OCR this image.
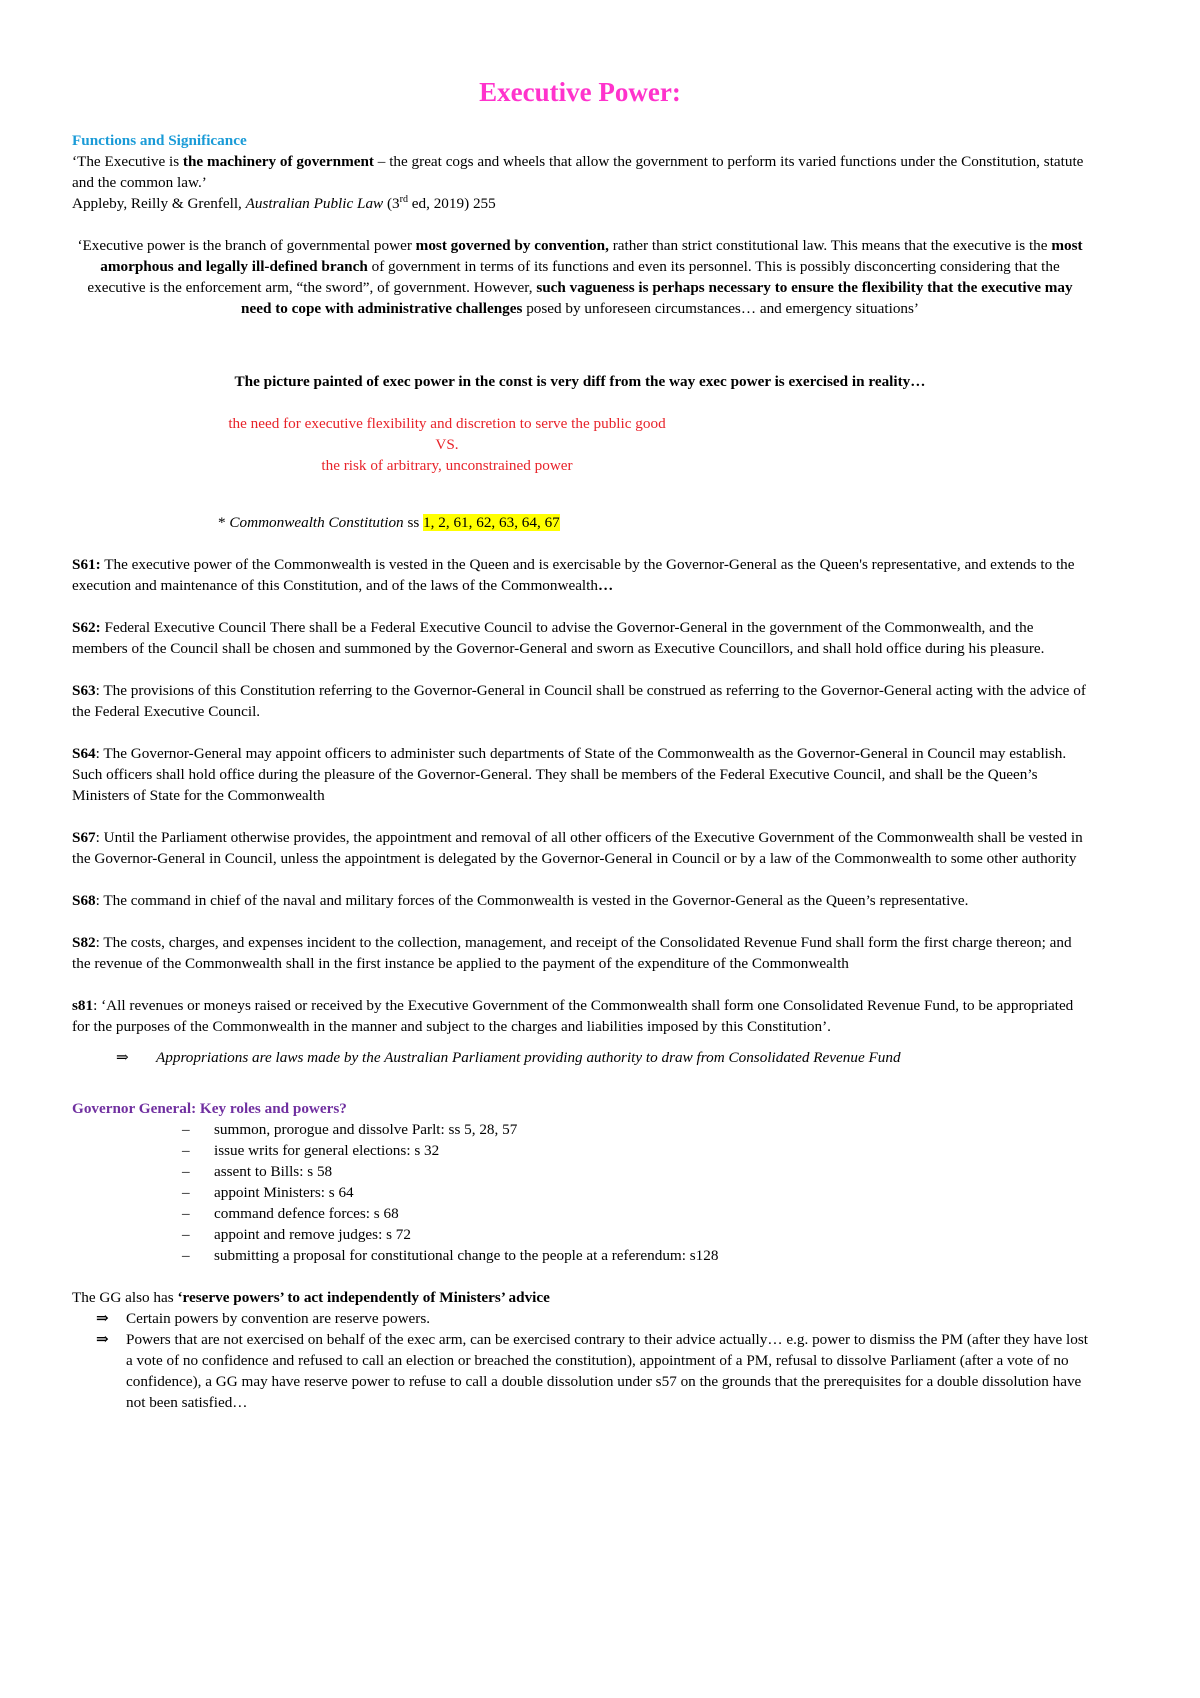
Executive Power:

Functions and Significance

‘The Executive is the machinery of government – the great cogs and wheels that allow the government to perform its varied functions under the Constitution, statute and the common law.’

Appleby, Reilly & Grenfell, Australian Public Law (3rd ed, 2019) 255

‘Executive power is the branch of governmental power most governed by convention, rather than strict constitutional law. This means that the executive is the most amorphous and legally ill-defined branch of government in terms of its functions and even its personnel. This is possibly disconcerting considering that the executive is the enforcement arm, “the sword”, of government. However, such vagueness is perhaps necessary to ensure the flexibility that the executive may need to cope with administrative challenges posed by unforeseen circumstances… and emergency situations’

The picture painted of exec power in the const is very diff from the way exec power is exercised in reality…

the need for executive flexibility and discretion to serve the public good

VS.

the risk of arbitrary, unconstrained power

* Commonwealth Constitution ss 1, 2, 61, 62, 63, 64, 67

S61: The executive power of the Commonwealth is vested in the Queen and is exercisable by the Governor-General as the Queen's representative, and extends to the execution and maintenance of this Constitution, and of the laws of the Commonwealth…

S62: Federal Executive Council There shall be a Federal Executive Council to advise the Governor-General in the government of the Commonwealth, and the members of the Council shall be chosen and summoned by the Governor-General and sworn as Executive Councillors, and shall hold office during his pleasure.

S63: The provisions of this Constitution referring to the Governor-General in Council shall be construed as referring to the Governor-General acting with the advice of the Federal Executive Council.

S64: The Governor-General may appoint officers to administer such departments of State of the Commonwealth as the Governor-General in Council may establish. Such officers shall hold office during the pleasure of the Governor-General. They shall be members of the Federal Executive Council, and shall be the Queen’s Ministers of State for the Commonwealth

S67: Until the Parliament otherwise provides, the appointment and removal of all other officers of the Executive Government of the Commonwealth shall be vested in the Governor-General in Council, unless the appointment is delegated by the Governor-General in Council or by a law of the Commonwealth to some other authority

S68: The command in chief of the naval and military forces of the Commonwealth is vested in the Governor-General as the Queen’s representative.

S82: The costs, charges, and expenses incident to the collection, management, and receipt of the Consolidated Revenue Fund shall form the first charge thereon; and the revenue of the Commonwealth shall in the first instance be applied to the payment of the expenditure of the Commonwealth

s81: ‘All revenues or moneys raised or received by the Executive Government of the Commonwealth shall form one Consolidated Revenue Fund, to be appropriated for the purposes of the Commonwealth in the manner and subject to the charges and liabilities imposed by this Constitution’.

⇒ Appropriations are laws made by the Australian Parliament providing authority to draw from Consolidated Revenue Fund

Governor General: Key roles and powers?

– summon, prorogue and dissolve Parlt: ss 5, 28, 57
– issue writs for general elections: s 32
– assent to Bills: s 58
– appoint Ministers: s 64
– command defence forces: s 68
– appoint and remove judges: s 72
– submitting a proposal for constitutional change to the people at a referendum: s128

The GG also has ‘reserve powers’ to act independently of Ministers’ advice

⇒ Certain powers by convention are reserve powers.
⇒ Powers that are not exercised on behalf of the exec arm, can be exercised contrary to their advice actually… e.g. power to dismiss the PM (after they have lost a vote of no confidence and refused to call an election or breached the constitution), appointment of a PM, refusal to dissolve Parliament (after a vote of no confidence), a GG may have reserve power to refuse to call a double dissolution under s57 on the grounds that the prerequisites for a double dissolution have not been satisfied…
